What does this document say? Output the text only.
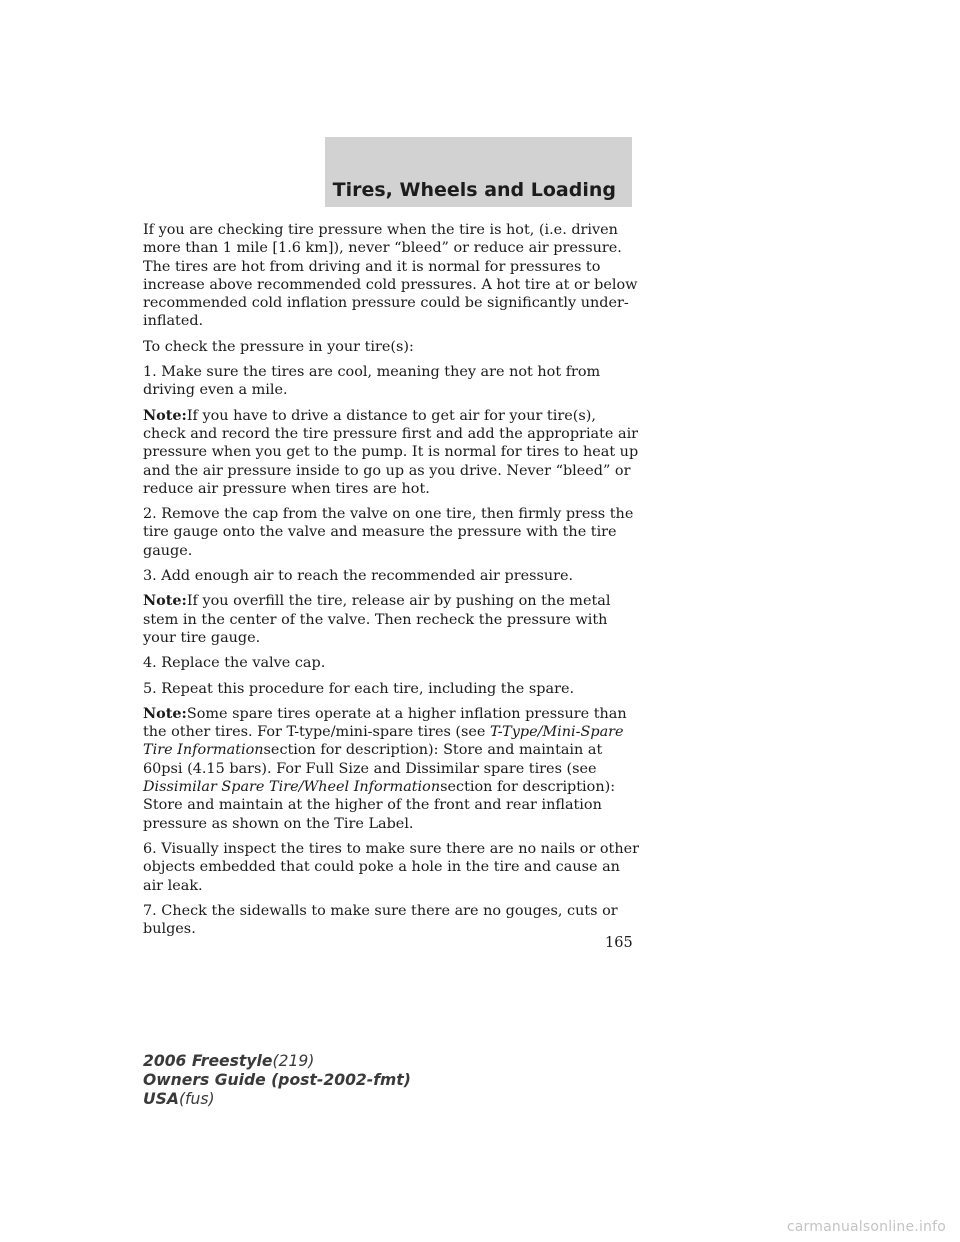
Tires, Wheels and Loading

If you are checking tire pressure when the tire is hot, (i.e. driven more than 1 mile [1.6 km]), never “bleed” or reduce air pressure. The tires are hot from driving and it is normal for pressures to increase above recommended cold pressures. A hot tire at or below recommended cold inflation pressure could be significantly under-inflated.

To check the pressure in your tire(s):

1. Make sure the tires are cool, meaning they are not hot from driving even a mile.

Note:If you have to drive a distance to get air for your tire(s), check and record the tire pressure first and add the appropriate air pressure when you get to the pump. It is normal for tires to heat up and the air pressure inside to go up as you drive. Never “bleed” or reduce air pressure when tires are hot.

2. Remove the cap from the valve on one tire, then firmly press the tire gauge onto the valve and measure the pressure with the tire gauge.

3. Add enough air to reach the recommended air pressure.

Note:If you overfill the tire, release air by pushing on the metal stem in the center of the valve. Then recheck the pressure with your tire gauge.

4. Replace the valve cap.

5. Repeat this procedure for each tire, including the spare.

Note:Some spare tires operate at a higher inflation pressure than the other tires. For T-type/mini-spare tires (see T-Type/Mini-Spare Tire Informationsection for description): Store and maintain at 60psi (4.15 bars). For Full Size and Dissimilar spare tires (see Dissimilar Spare Tire/Wheel Informationsection for description): Store and maintain at the higher of the front and rear inflation pressure as shown on the Tire Label.

6. Visually inspect the tires to make sure there are no nails or other objects embedded that could poke a hole in the tire and cause an air leak.

7. Check the sidewalls to make sure there are no gouges, cuts or bulges.

165
2006 Freestyle(219)
Owners Guide (post-2002-fmt)
USA(fus)
carmanualsonline.info
